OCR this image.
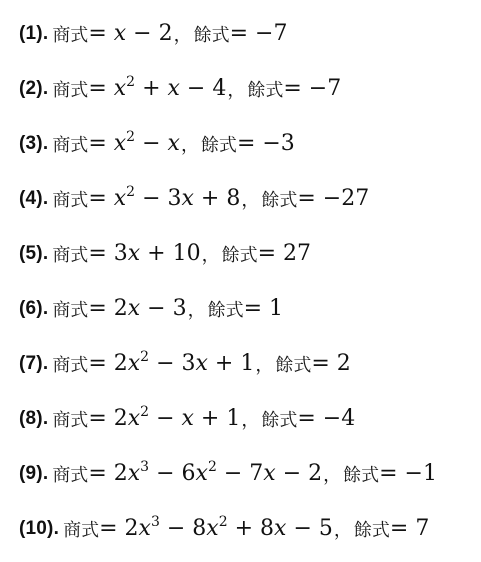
(1). 商式 = x − 2 ， 餘式 = −7
(2). 商式 = $x^2 + x - 4$ ， 餘式 = −7
(3). 商式 = $x^2 - x$ ， 餘式 = −3
(4). 商式 = $x^2 - 3x + 8$ ， 餘式 = −27
(5). 商式 = 3x + 10 ， 餘式 = 27
(6). 商式 = 2x − 3 ， 餘式 = 1
(7). 商式 = $2x^2 - 3x + 1$ ， 餘式 = 2
(8). 商式 = $2x^2 - x + 1$ ， 餘式 = −4
(9). 商式 = $2x^3 - 6x^2 - 7x - 2$ ， 餘式 = −1
(10). 商式 = $2x^3 - 8x^2 + 8x - 5$ ， 餘式 = 7
